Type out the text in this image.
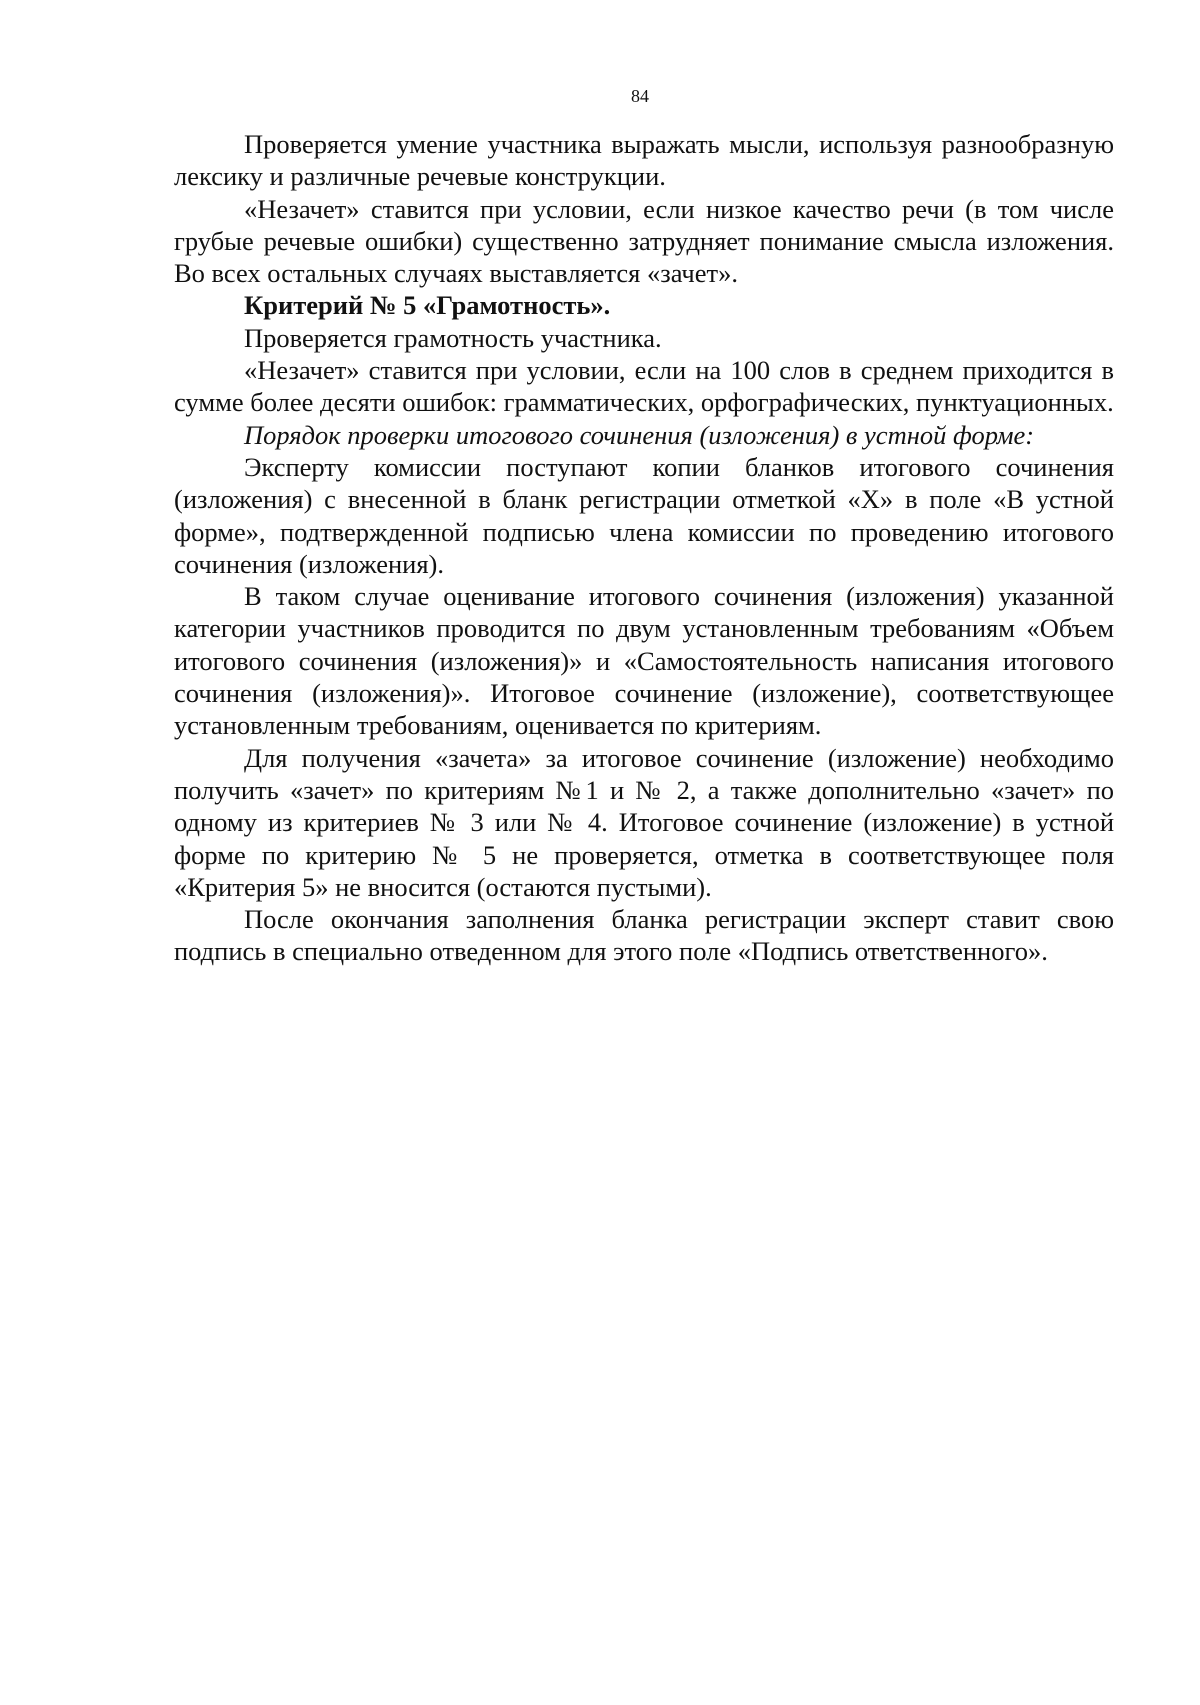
84

Проверяется умение участника выражать мысли, используя разнообразную лексику и различные речевые конструкции.

«Незачет» ставится при условии, если низкое качество речи (в том числе грубые речевые ошибки) существенно затрудняет понимание смысла изложения. Во всех остальных случаях выставляется «зачет».

Критерий № 5 «Грамотность».

Проверяется грамотность участника.

«Незачет» ставится при условии, если на 100 слов в среднем приходится в сумме более десяти ошибок: грамматических, орфографических, пунктуационных.

Порядок проверки итогового сочинения (изложения) в устной форме:

Эксперту комиссии поступают копии бланков итогового сочинения (изложения) с внесенной в бланк регистрации отметкой «X» в поле «В устной форме», подтвержденной подписью члена комиссии по проведению итогового сочинения (изложения).

В таком случае оценивание итогового сочинения (изложения) указанной категории участников проводится по двум установленным требованиям «Объем итогового сочинения (изложения)» и «Самостоятельность написания итогового сочинения (изложения)». Итоговое сочинение (изложение), соответствующее установленным требованиям, оценивается по критериям.

Для получения «зачета» за итоговое сочинение (изложение) необходимо получить «зачет» по критериям №1 и № 2, а также дополнительно «зачет» по одному из критериев № 3 или № 4. Итоговое сочинение (изложение) в устной форме по критерию № 5 не проверяется, отметка в соответствующее поля «Критерия 5» не вносится (остаются пустыми).

После окончания заполнения бланка регистрации эксперт ставит свою подпись в специально отведенном для этого поле «Подпись ответственного».
